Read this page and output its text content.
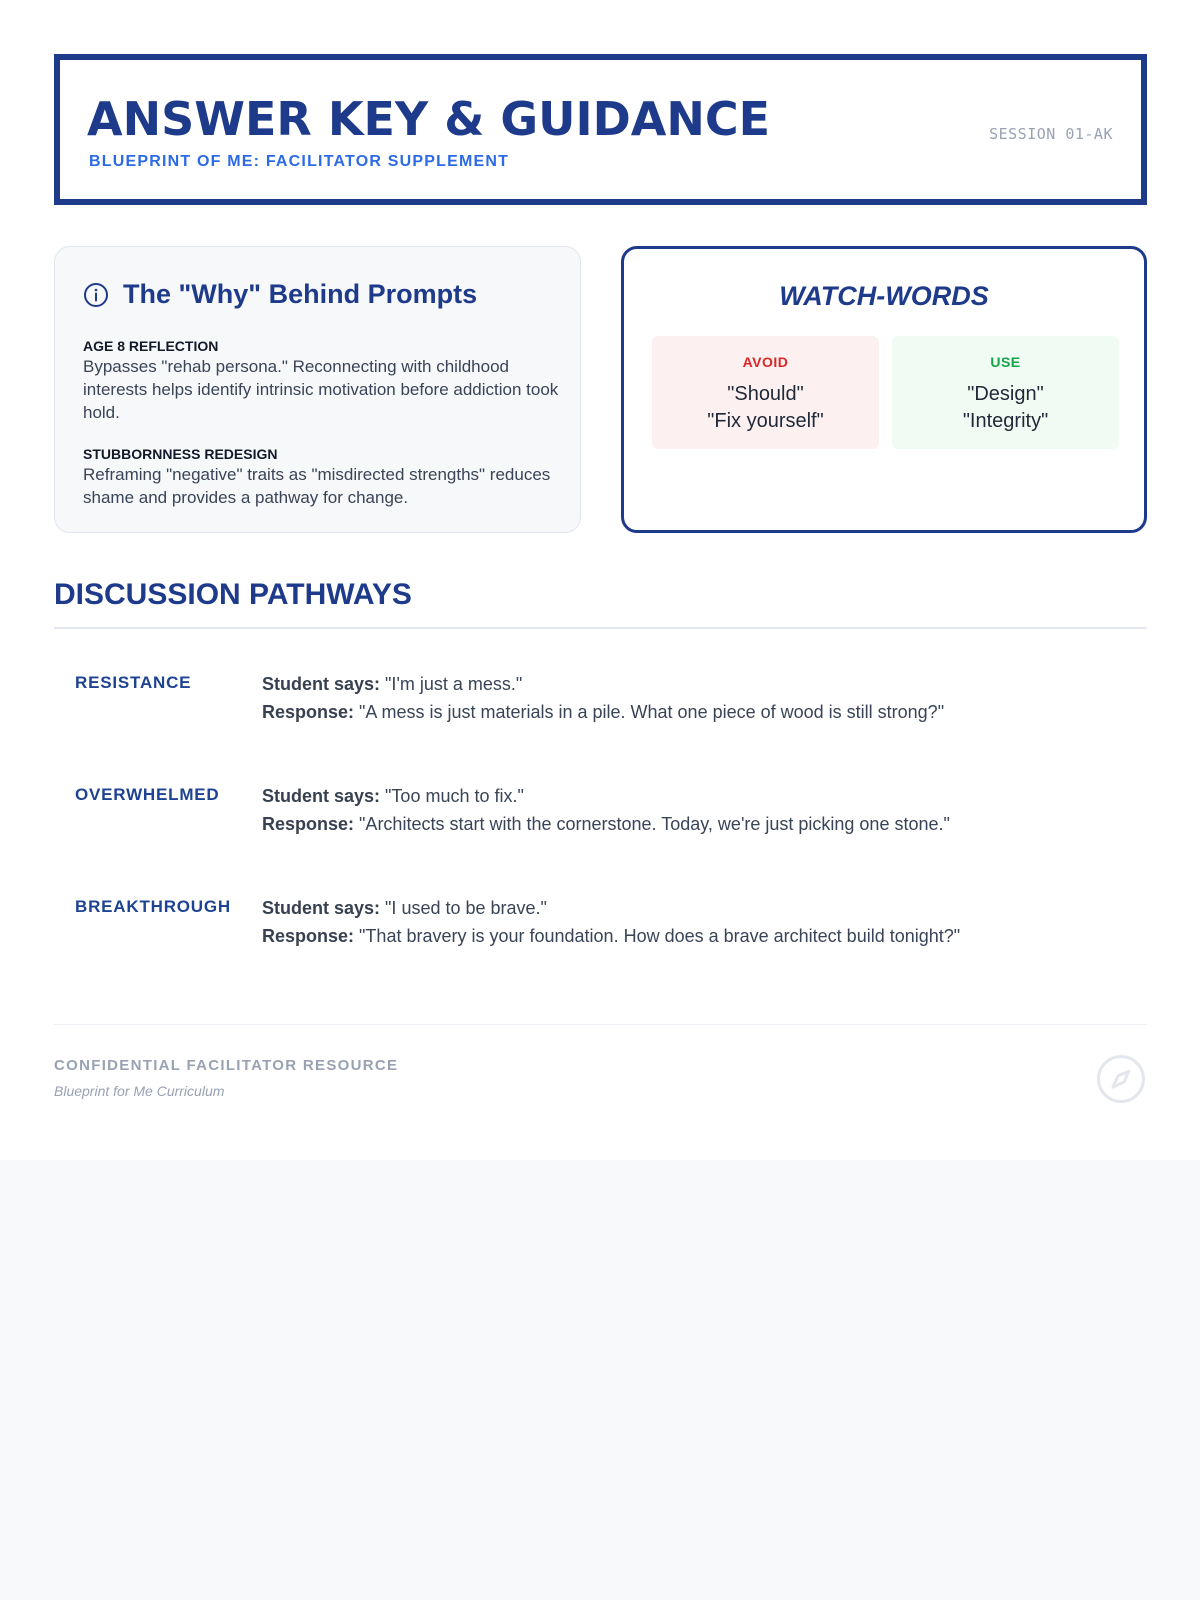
ANSWER KEY & GUIDANCE
BLUEPRINT OF ME: FACILITATOR SUPPLEMENT
SESSION 01-AK
The "Why" Behind Prompts
AGE 8 REFLECTION
Bypasses "rehab persona." Reconnecting with childhood interests helps identify intrinsic motivation before addiction took hold.
STUBBORNNESS REDESIGN
Reframing "negative" traits as "misdirected strengths" reduces shame and provides a pathway for change.
WATCH-WORDS
AVOID
"Should"
"Fix yourself"
USE
"Design"
"Integrity"
DISCUSSION PATHWAYS
RESISTANCE	Student says: "I'm just a mess."
Response: "A mess is just materials in a pile. What one piece of wood is still strong?"
OVERWHELMED Student says: "Too much to fix."
Response: "Architects start with the cornerstone. Today, we're just picking one stone."
BREAKTHROUGH Student says: "I used to be brave."
Response: "That bravery is your foundation. How does a brave architect build tonight?"
CONFIDENTIAL FACILITATOR RESOURCE
Blueprint for Me Curriculum
